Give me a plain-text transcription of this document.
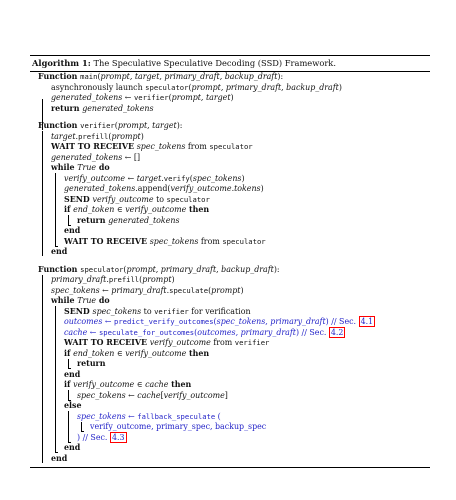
Algorithm 1: The Speculative Speculative Decoding (SSD) Framework.
Function main(prompt, target, primary_draft, backup_draft):
asynchronously launch speculator(prompt, primary_draft, backup_draft)
generated_tokens ← verifier(prompt, target)
return generated_tokens
Function verifier(prompt, target):
target.prefill(prompt)
WAIT TO RECEIVE spec_tokens from speculator
generated_tokens ← []
while True do
verify_outcome ← target.verify(spec_tokens)
generated_tokens.append(verify_outcome.tokens)
SEND verify_outcome to speculator
if end_token ∈ verify_outcome then
return generated_tokens
end
WAIT TO RECEIVE spec_tokens from speculator
end
Function speculator(prompt, primary_draft, backup_draft):
primary_draft.prefill(prompt)
spec_tokens ← primary_draft.speculate(prompt)
while True do
SEND spec_tokens to verifier for verification
outcomes ← predict_verify_outcomes(spec_tokens, primary_draft) // Sec. 4.1
cache ← speculate_for_outcomes(outcomes, primary_draft) // Sec. 4.2
WAIT TO RECEIVE verify_outcome from verifier
if end_token ∈ verify_outcome then
return
end
if verify_outcome ∈ cache then
spec_tokens ← cache[verify_outcome]
else
spec_tokens ← fallback_speculate (
verify_outcome, primary_spec, backup_spec
) // Sec. 4.3
end
end
